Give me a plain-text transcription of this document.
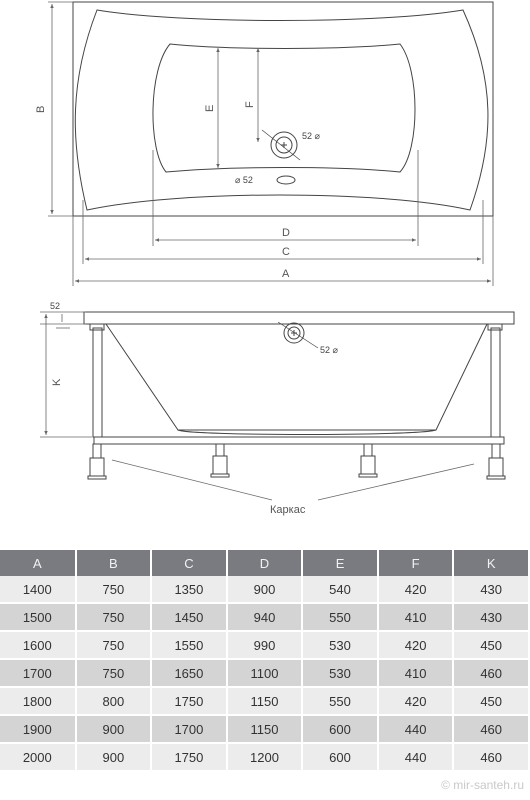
52 ⌀
⌀ 52
B	E
F
D
C
A
52
K
52 ⌀
Каркас
A	B	C	D	E	F	K
1400	750	1350	900	540	420	430
1500	750	1450	940	550	410	430
1600	750	1550	990	530	420	450
1700	750	1650	1100	530	410	460
1800	800	1750	1150	550	420	450
1900	900	1700	1150	600	440	460
2000	900	1750	1200	600	440	460
© mir-santeh.ru
